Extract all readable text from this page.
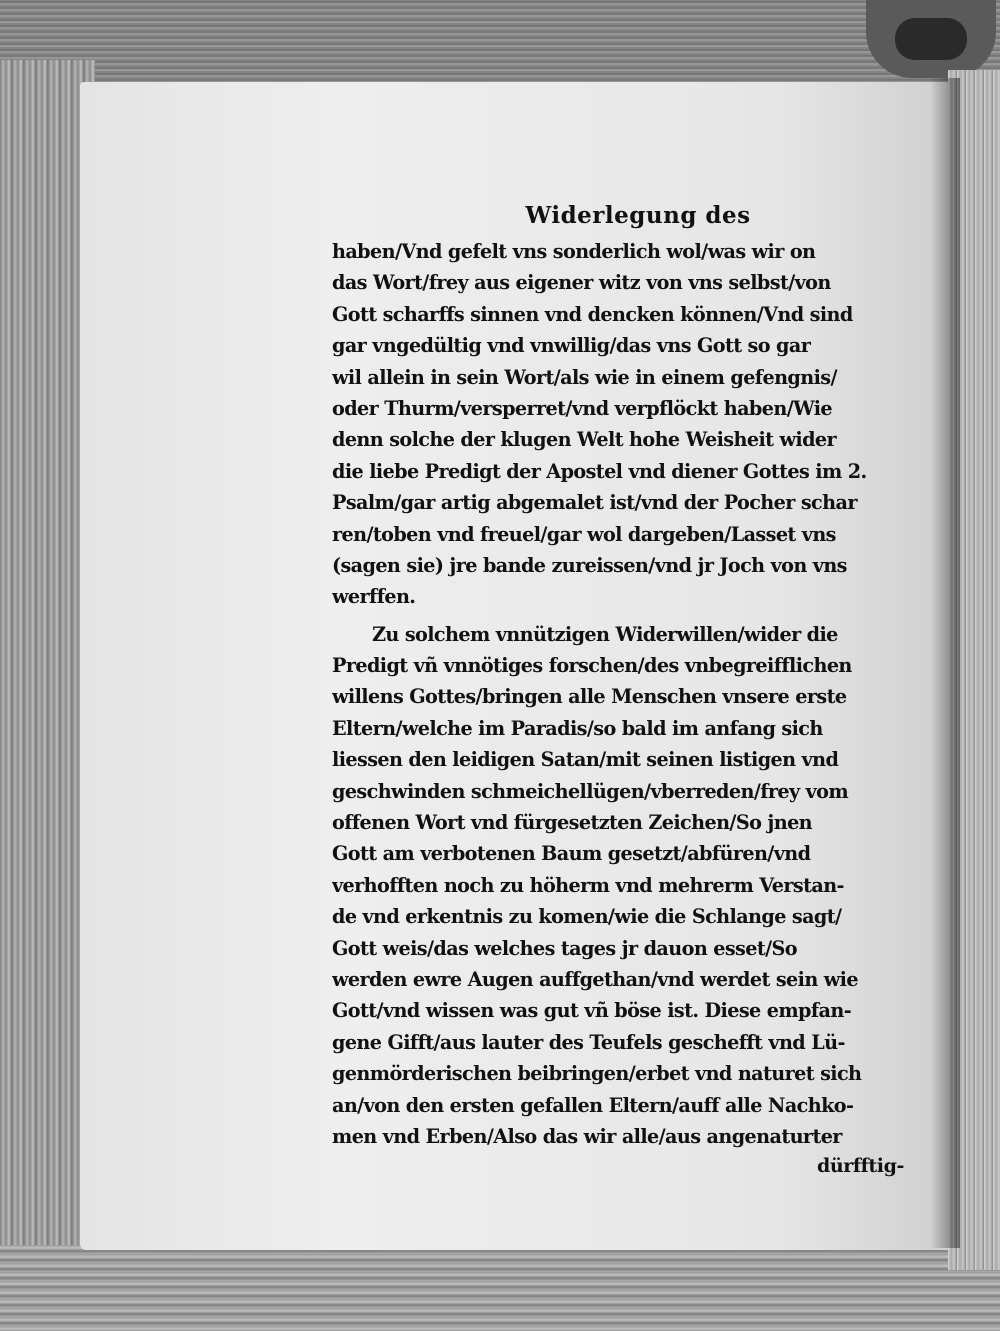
Widerlegung des
haben/Vnd gefelt vns sonderlich wol/was wir on
das Wort/frey aus eigener witz von vns selbst/von
Gott scharffs sinnen vnd dencken können/Vnd sind
gar vngedültig vnd vnwillig/das vns Gott so gar
wil allein in sein Wort/als wie in einem gefengnis/
oder Thurm/versperret/vnd verpflöckt haben/Wie
denn solche der klugen Welt hohe Weisheit wider
die liebe Predigt der Apostel vnd diener Gottes im 2.
Psalm/gar artig abgemalet ist/vnd der Pocher schar
ren/toben vnd freuel/gar wol dargeben/Lasset vns
(sagen sie) jre bande zureissen/vnd jr Joch von vns
werffen.
Zu solchem vnnützigen Widerwillen/wider die
Predigt vñ vnnötiges forschen/des vnbegreifflichen
willens Gottes/bringen alle Menschen vnsere erste
Eltern/welche im Paradis/so bald im anfang sich
liessen den leidigen Satan/mit seinen listigen vnd
geschwinden schmeichellügen/vberreden/frey vom
offenen Wort vnd fürgesetzten Zeichen/So jnen
Gott am verbotenen Baum gesetzt/abfüren/vnd
verhofften noch zu höherm vnd mehrerm Verstan-
de vnd erkentnis zu komen/wie die Schlange sagt/
Gott weis/das welches tages jr dauon esset/So
werden ewre Augen auffgethan/vnd werdet sein wie
Gott/vnd wissen was gut vñ böse ist. Diese empfan-
gene Gifft/aus lauter des Teufels geschefft vnd Lü-
genmörderischen beibringen/erbet vnd naturet sich
an/von den ersten gefallen Eltern/auff alle Nachko-
men vnd Erben/Also das wir alle/aus angenaturter
dürfftig-
